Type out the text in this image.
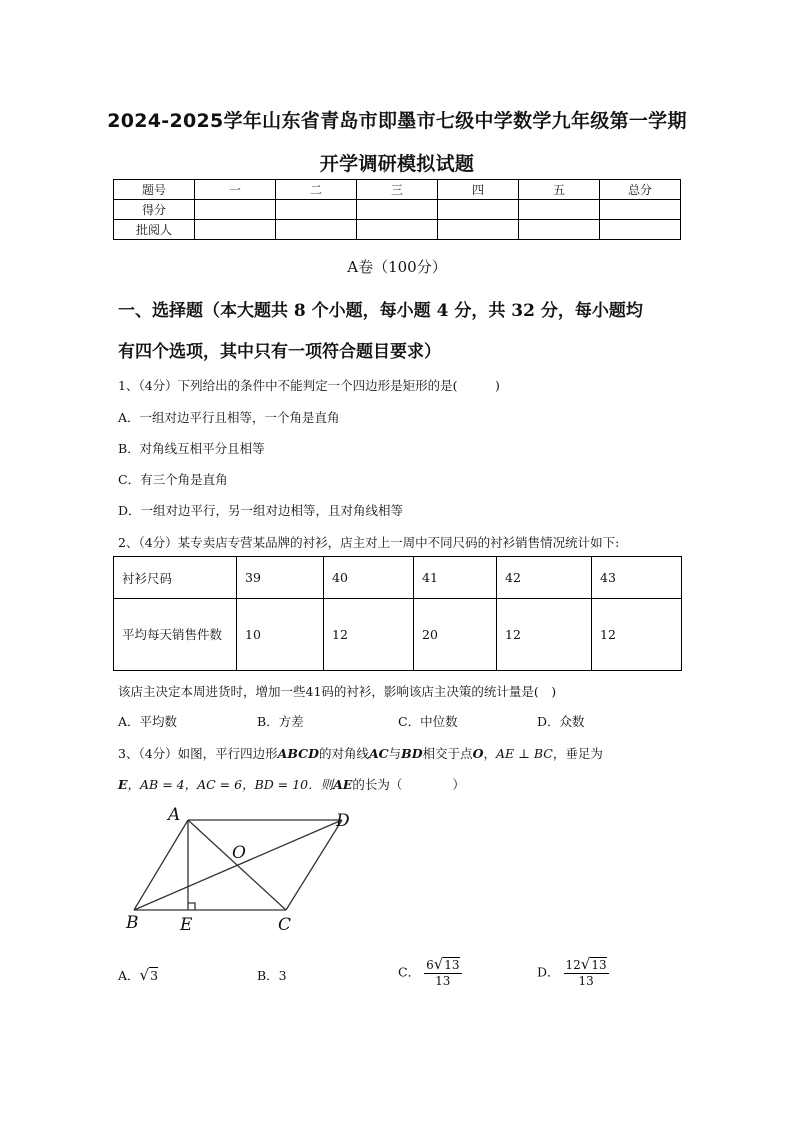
2024-2025学年山东省青岛市即墨市七级中学数学九年级第一学期
开学调研模拟试题
题号	一	二	三	四	五	总分
得分						
批阅人						
A卷（100分）
一、选择题（本大题共 8 个小题，每小题 4 分，共 32 分，每小题均
有四个选项，其中只有一项符合题目要求）
1、（4分）下列给出的条件中不能判定一个四边形是矩形的是(　　　)
A．一组对边平行且相等，一个角是直角
B．对角线互相平分且相等
C．有三个角是直角
D．一组对边平行，另一组对边相等，且对角线相等
2、（4分）某专卖店专营某品牌的衬衫，店主对上一周中不同尺码的衬衫销售情况统计如下:
衬衫尺码	39	40	41	42	43
平均每天销售件数	10	12	20	12	12
该店主决定本周进货时，增加一些41码的衬衫，影响该店主决策的统计量是(　)
A．平均数	B．方差	C．中位数	D．众数
3、（4分）如图，平行四边形ABCD的对角线AC与BD相交于点O，AE ⊥ BC，垂足为
E，AB = 4，AC = 6，BD = 10．则AE的长为（　　　　）
A	D
O
B E	C
A．√3	B．3	C． $\frac{6√13}{13}$	D． $\frac{12√13}{13}$
